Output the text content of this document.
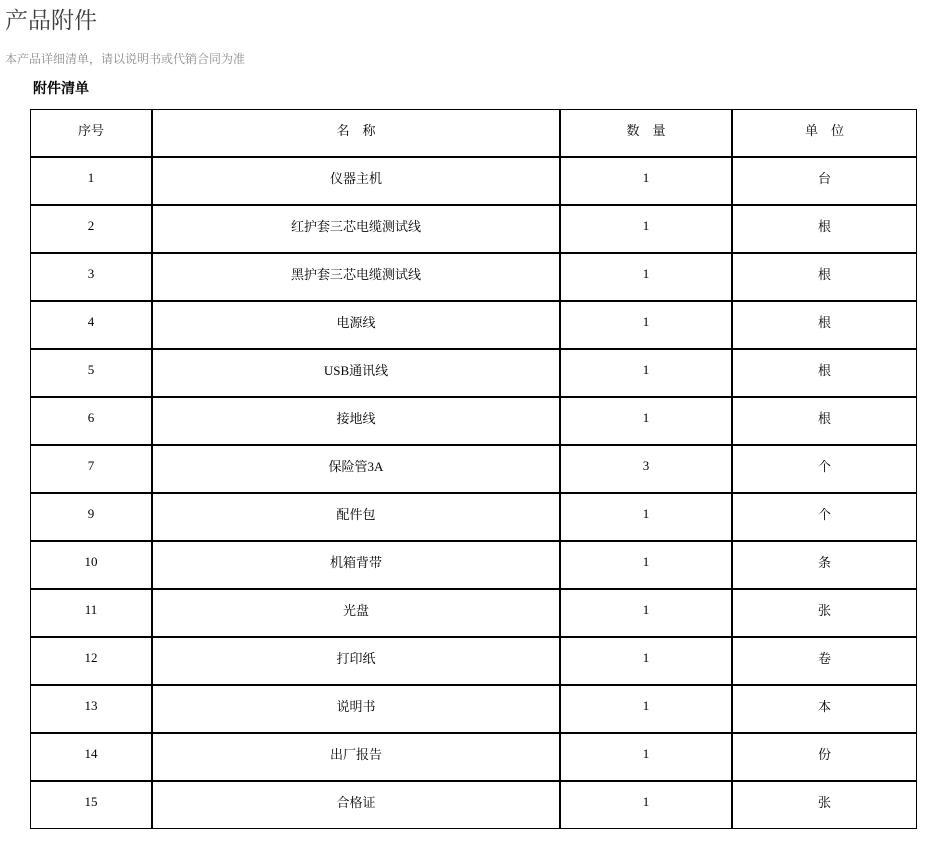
产品附件

本产品详细清单，请以说明书或代销合同为准

附件清单
序号	名　称	数　量	单　位
1	仪器主机	1	台
2	红护套三芯电缆测试线	1	根
3	黑护套三芯电缆测试线	1	根
4	电源线	1	根
5	USB通讯线	1	根
6	接地线	1	根
7	保险管3A	3	个
9	配件包	1	个
10	机箱背带	1	条
11	光盘	1	张
12	打印纸	1	卷
13	说明书	1	本
14	出厂报告	1	份
15	合格证	1	张
